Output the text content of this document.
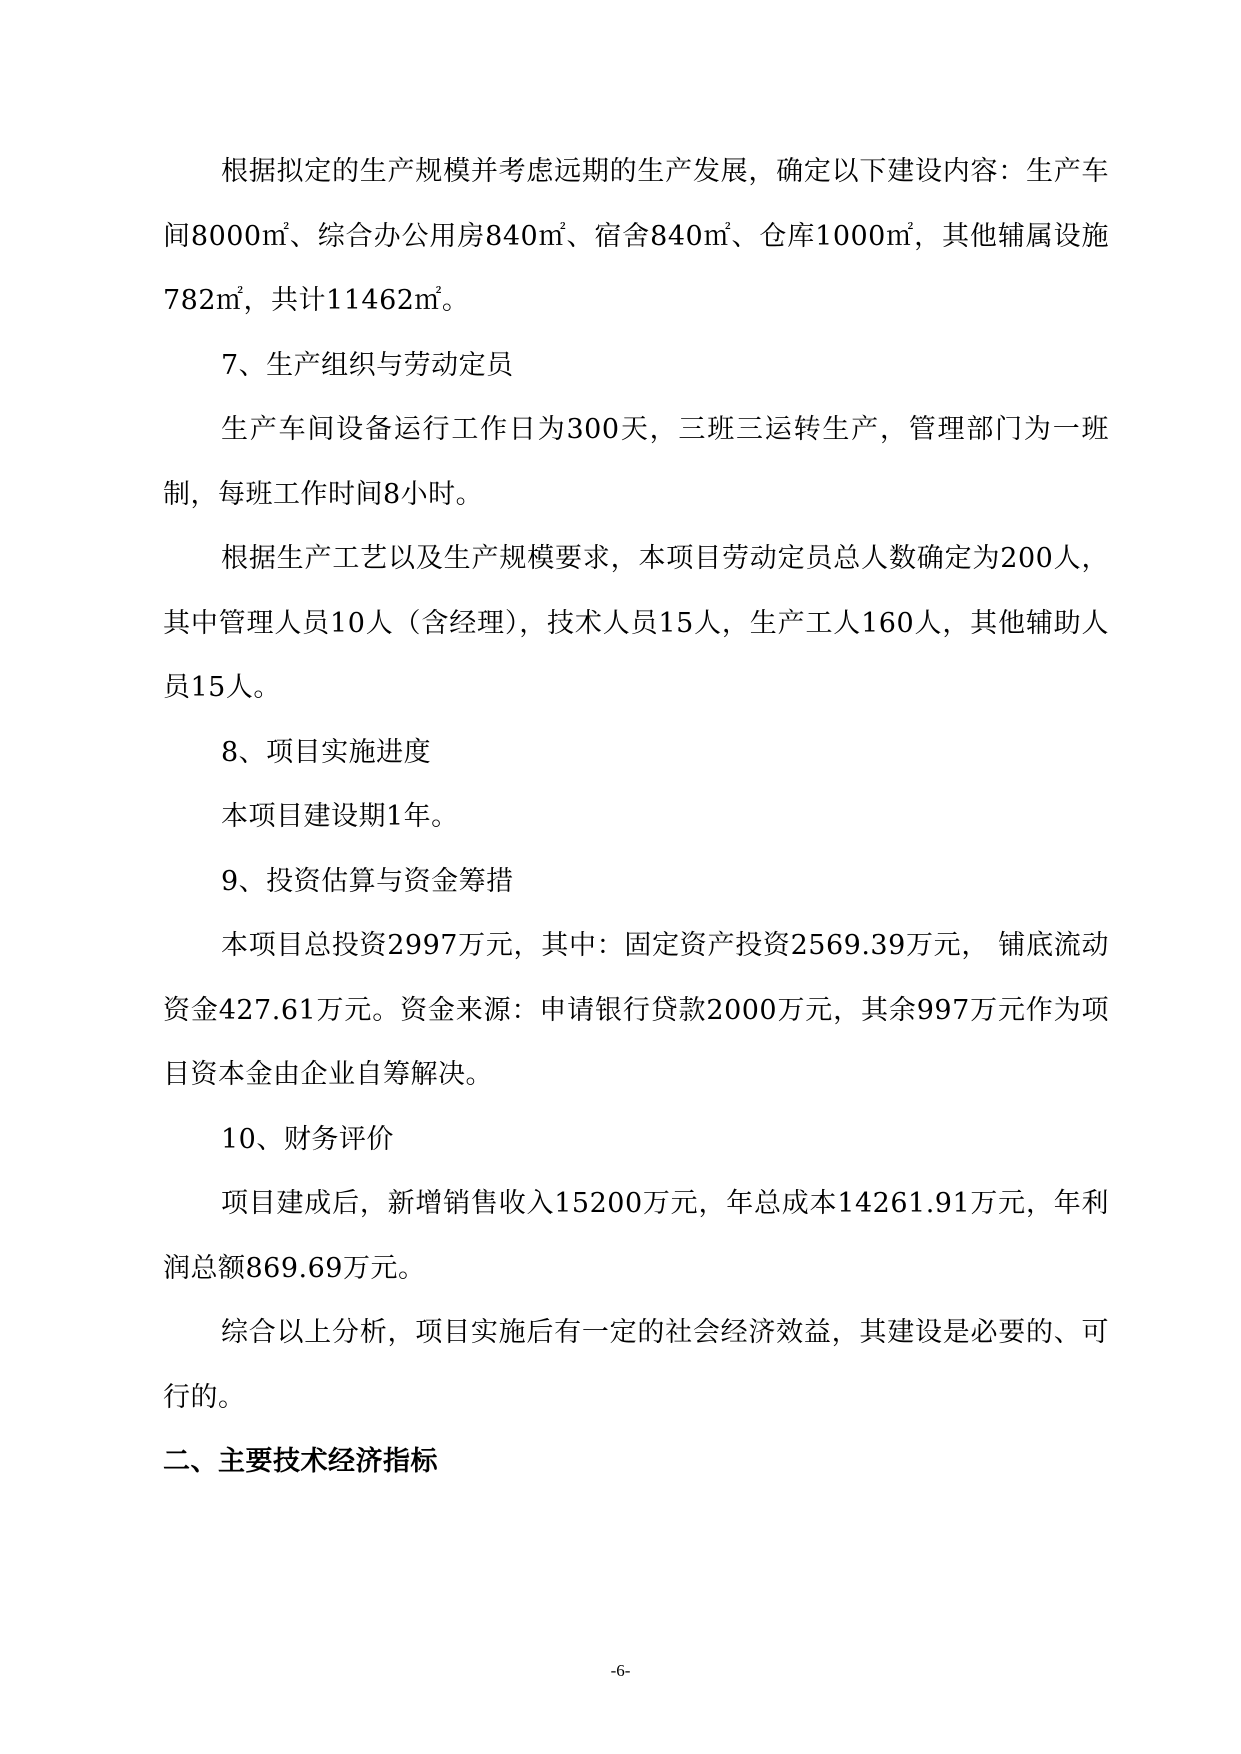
根据拟定的生产规模并考虑远期的生产发展，确定以下建设内容：生产车间8000㎡、综合办公用房840㎡、宿舍840㎡、仓库1000㎡，其他辅属设施782㎡，共计11462㎡。

7、生产组织与劳动定员

生产车间设备运行工作日为300天，三班三运转生产，管理部门为一班制，每班工作时间8小时。

根据生产工艺以及生产规模要求，本项目劳动定员总人数确定为200人，其中管理人员10人（含经理），技术人员15人，生产工人160人，其他辅助人员15人。

8、项目实施进度

本项目建设期1年。

9、投资估算与资金筹措

本项目总投资2997万元，其中：固定资产投资2569.39万元， 铺底流动资金427.61万元。资金来源：申请银行贷款2000万元，其余997万元作为项目资本金由企业自筹解决。

10、财务评价

项目建成后，新增销售收入15200万元，年总成本14261.91万元，年利润总额869.69万元。

综合以上分析，项目实施后有一定的社会经济效益，其建设是必要的、可行的。

二、主要技术经济指标

-6-
